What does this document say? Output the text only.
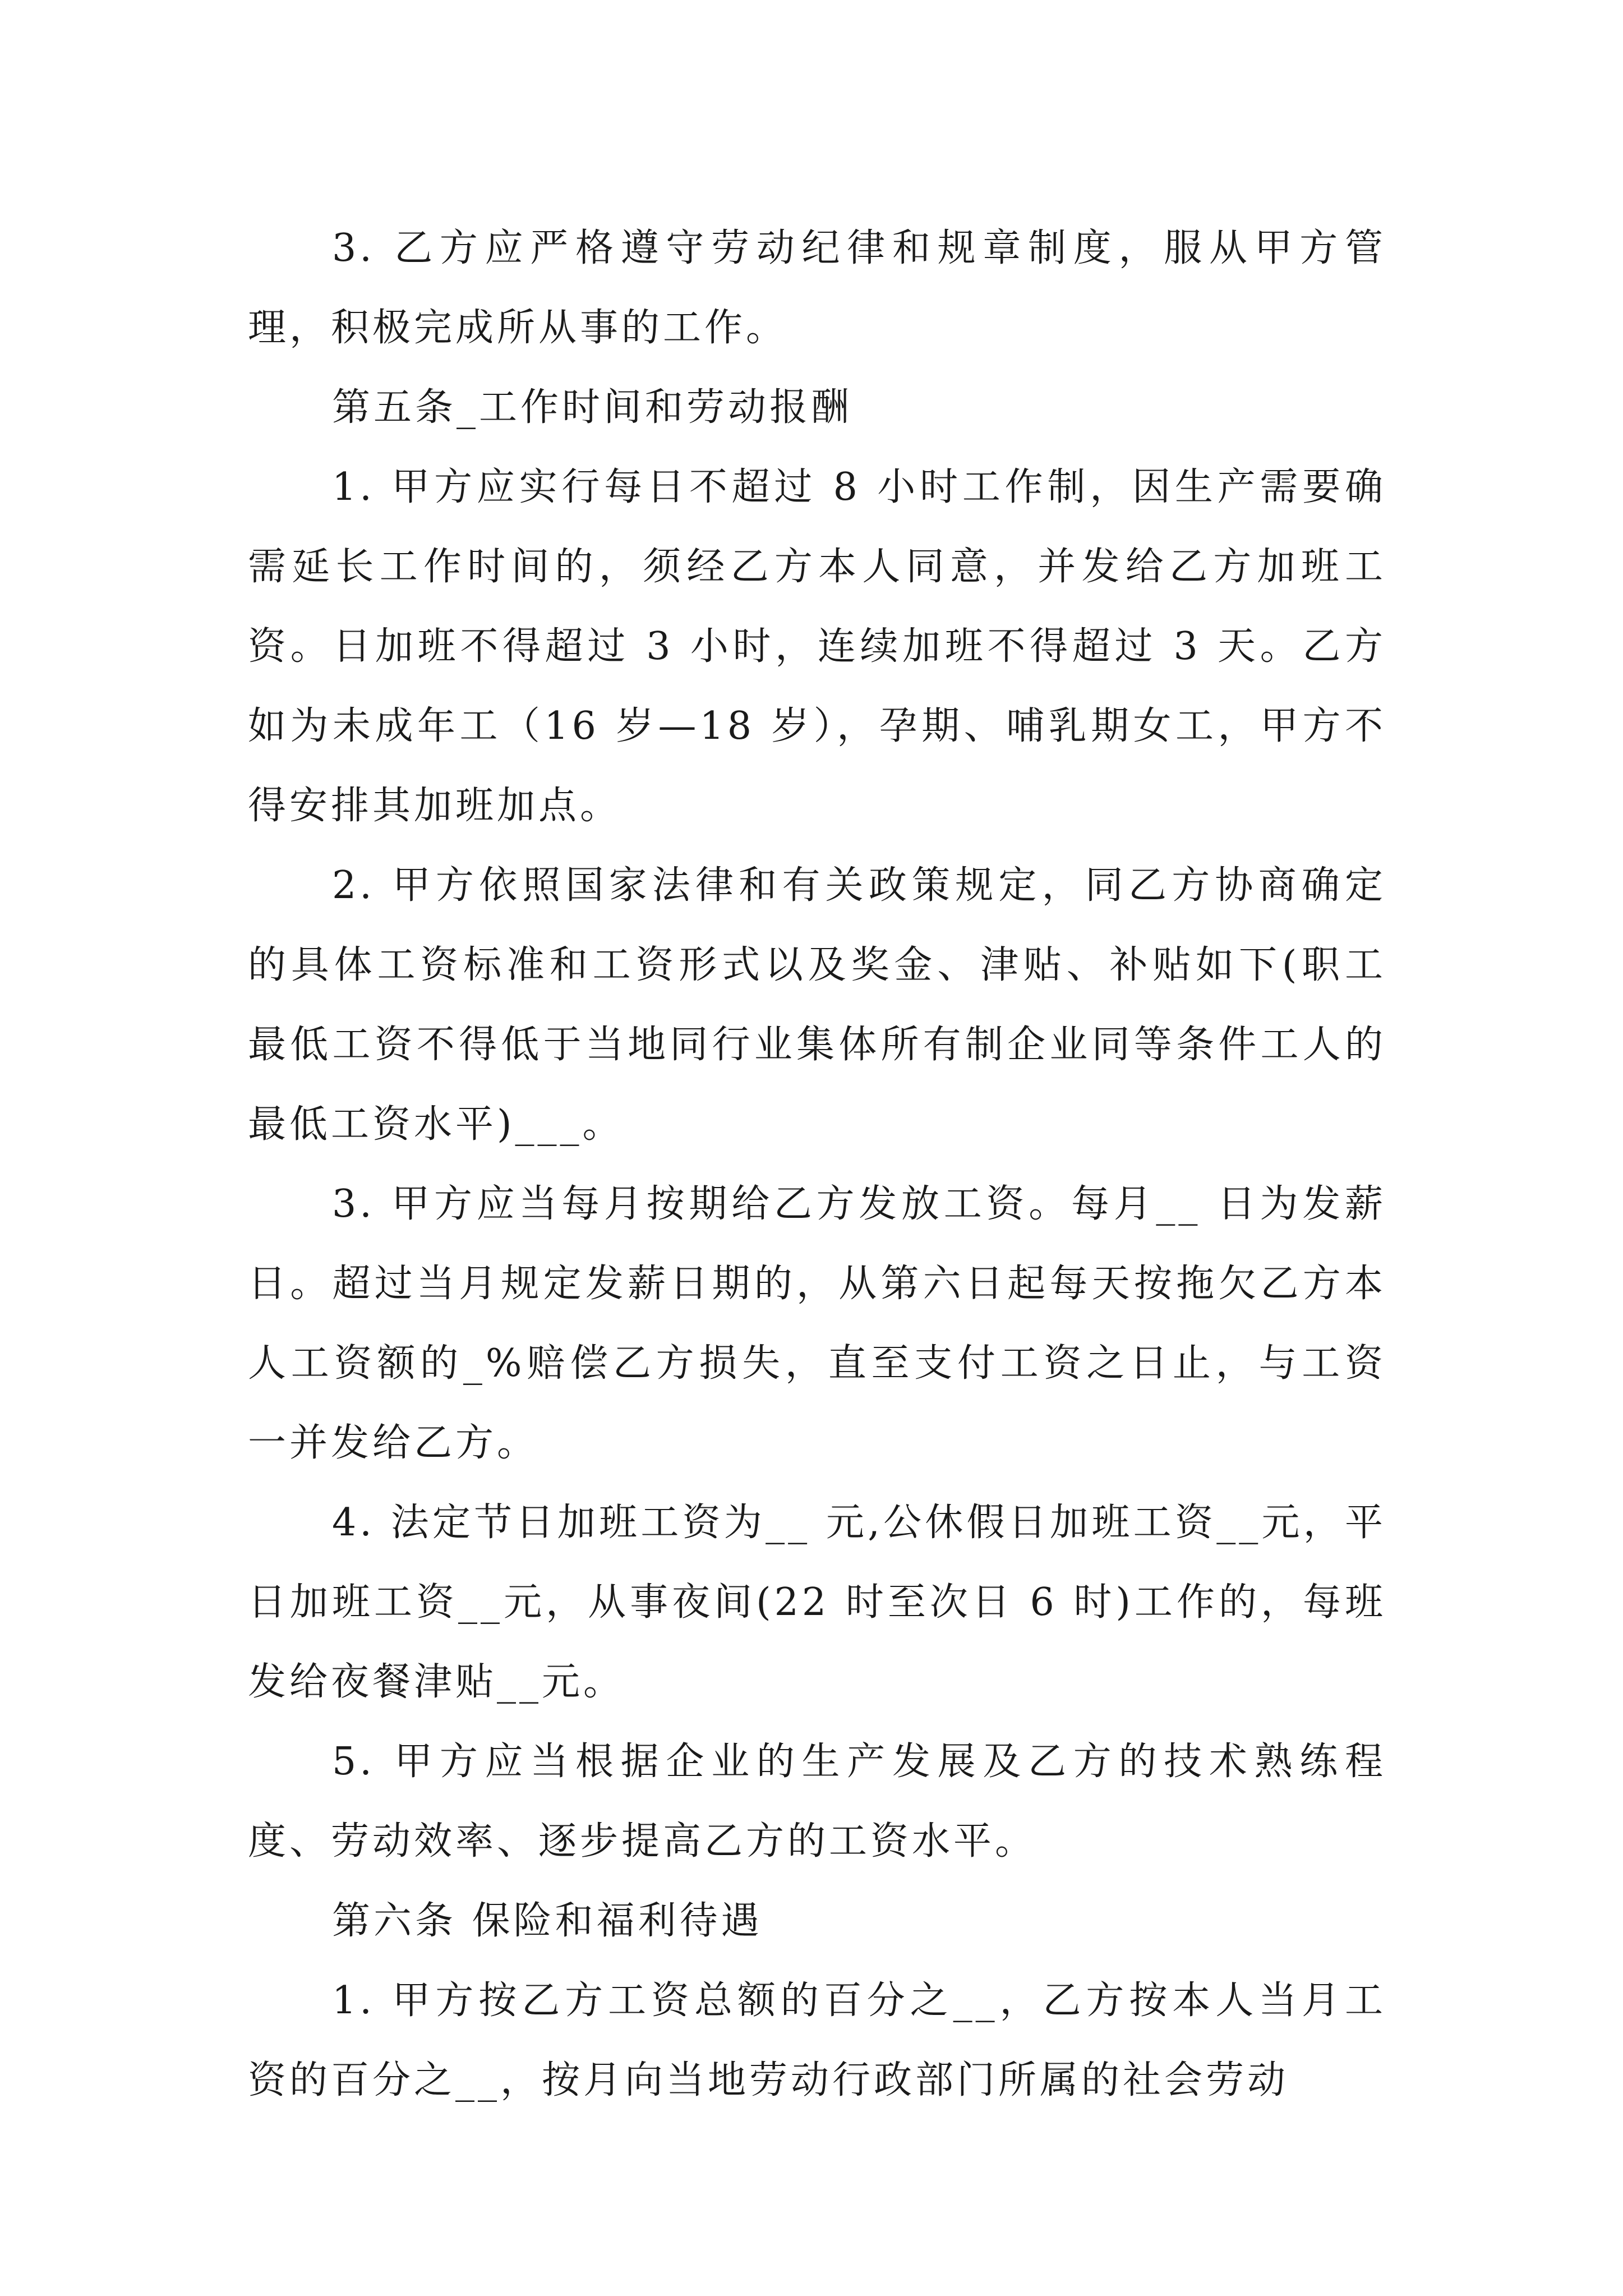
3. 乙方应严格遵守劳动纪律和规章制度，服从甲方管理，积极完成所从事的工作。

第五条_工作时间和劳动报酬

1. 甲方应实行每日不超过 8 小时工作制，因生产需要确需延长工作时间的，须经乙方本人同意，并发给乙方加班工资。日加班不得超过 3 小时，连续加班不得超过 3 天。乙方如为未成年工（16 岁—18 岁），孕期、哺乳期女工，甲方不得安排其加班加点。

2. 甲方依照国家法律和有关政策规定，同乙方协商确定的具体工资标准和工资形式以及奖金、津贴、补贴如下(职工最低工资不得低于当地同行业集体所有制企业同等条件工人的最低工资水平)___。

3. 甲方应当每月按期给乙方发放工资。每月__ 日为发薪日。超过当月规定发薪日期的，从第六日起每天按拖欠乙方本人工资额的_%赔偿乙方损失，直至支付工资之日止，与工资一并发给乙方。

4. 法定节日加班工资为__ 元,公休假日加班工资__元，平日加班工资__元，从事夜间(22 时至次日 6 时)工作的，每班发给夜餐津贴__元。

5. 甲方应当根据企业的生产发展及乙方的技术熟练程度、劳动效率、逐步提高乙方的工资水平。

第六条 保险和福利待遇

1. 甲方按乙方工资总额的百分之__，乙方按本人当月工资的百分之__，按月向当地劳动行政部门所属的社会劳动
